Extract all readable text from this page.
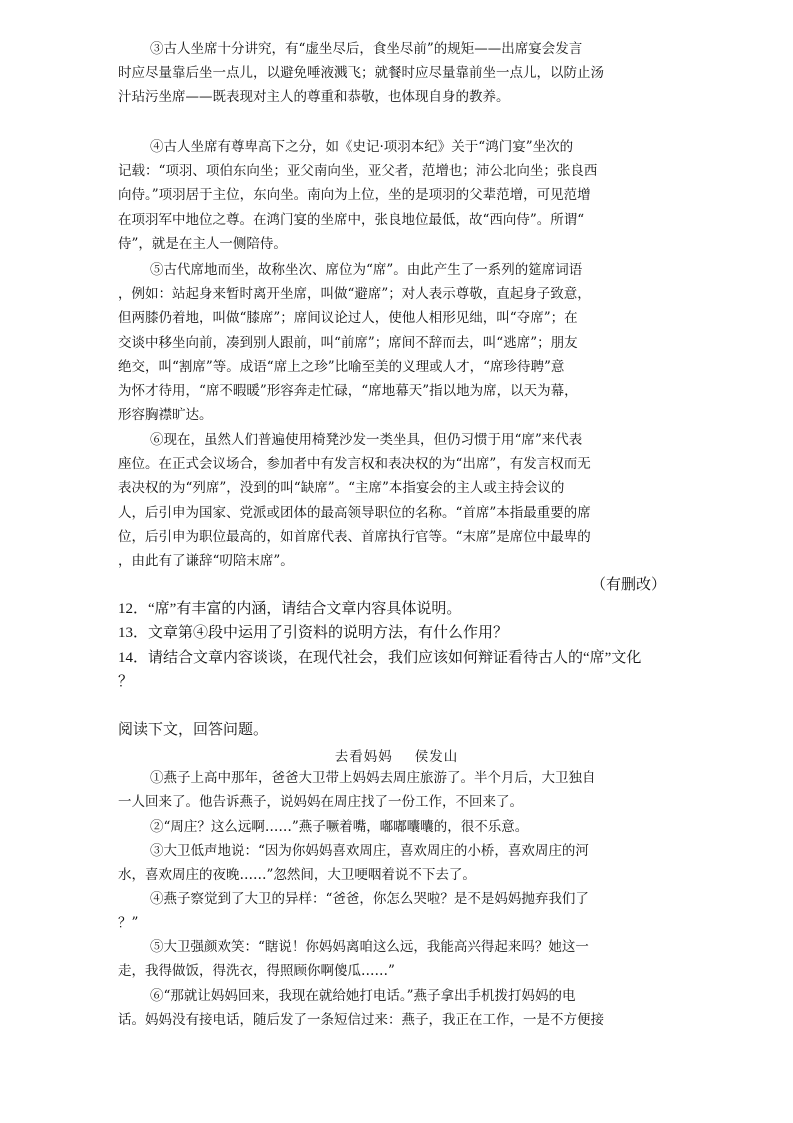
③古人坐席十分讲究，有“虚坐尽后，食坐尽前”的规矩——出席宴会发言
时应尽量靠后坐一点儿，以避免唾液溅飞；就餐时应尽量靠前坐一点儿，以防止汤
汁玷污坐席——既表现对主人的尊重和恭敬，也体现自身的教养。
④古人坐席有尊卑高下之分，如《史记·项羽本纪》关于“鸿门宴”坐次的
记载：“项羽、项伯东向坐；亚父南向坐，亚父者，范增也；沛公北向坐；张良西
向侍。”项羽居于主位，东向坐。南向为上位，坐的是项羽的父辈范增，可见范增
在项羽军中地位之尊。在鸿门宴的坐席中，张良地位最低，故“西向侍”。所谓“
侍”，就是在主人一侧陪侍。
⑤古代席地而坐，故称坐次、席位为“席”。由此产生了一系列的筵席词语
，例如：站起身来暂时离开坐席，叫做“避席”；对人表示尊敬，直起身子致意，
但两膝仍着地，叫做“膝席”；席间议论过人，使他人相形见绌，叫“夺席”；在
交谈中移坐向前，凑到别人跟前，叫“前席”；席间不辞而去，叫“逃席”；朋友
绝交，叫“割席”等。成语“席上之珍”比喻至美的义理或人才，“席珍待聘”意
为怀才待用，“席不暇暖”形容奔走忙碌，“席地幕天”指以地为席，以天为幕，
形容胸襟旷达。
⑥现在，虽然人们普遍使用椅凳沙发一类坐具，但仍习惯于用“席”来代表
座位。在正式会议场合，参加者中有发言权和表决权的为“出席”，有发言权而无
表决权的为“列席”，没到的叫“缺席”。“主席”本指宴会的主人或主持会议的
人，后引申为国家、党派或团体的最高领导职位的名称。“首席”本指最重要的席
位，后引申为职位最高的，如首席代表、首席执行官等。“末席”是席位中最卑的
，由此有了谦辞“叨陪末席”。

（有删改）

12．“席”有丰富的内涵，请结合文章内容具体说明。

13．文章第④段中运用了引资料的说明方法，有什么作用？

14．请结合文章内容谈谈，在现代社会，我们应该如何辩证看待古人的“席”文化

？

阅读下文，回答问题。

去看妈妈 侯发山

①燕子上高中那年，爸爸大卫带上妈妈去周庄旅游了。半个月后，大卫独自
一人回来了。他告诉燕子，说妈妈在周庄找了一份工作，不回来了。
②“周庄？这么远啊……”燕子噘着嘴，嘟嘟囔囔的，很不乐意。
③大卫低声地说：“因为你妈妈喜欢周庄，喜欢周庄的小桥，喜欢周庄的河
水，喜欢周庄的夜晚……”忽然间，大卫哽咽着说不下去了。
④燕子察觉到了大卫的异样：“爸爸，你怎么哭啦？是不是妈妈抛弃我们了
？”
⑤大卫强颜欢笑：“瞎说！你妈妈离咱这么远，我能高兴得起来吗？她这一
走，我得做饭，得洗衣，得照顾你啊傻瓜……”
⑥“那就让妈妈回来，我现在就给她打电话。”燕子拿出手机拨打妈妈的电
话。妈妈没有接电话，随后发了一条短信过来：燕子，我正在工作，一是不方便接
